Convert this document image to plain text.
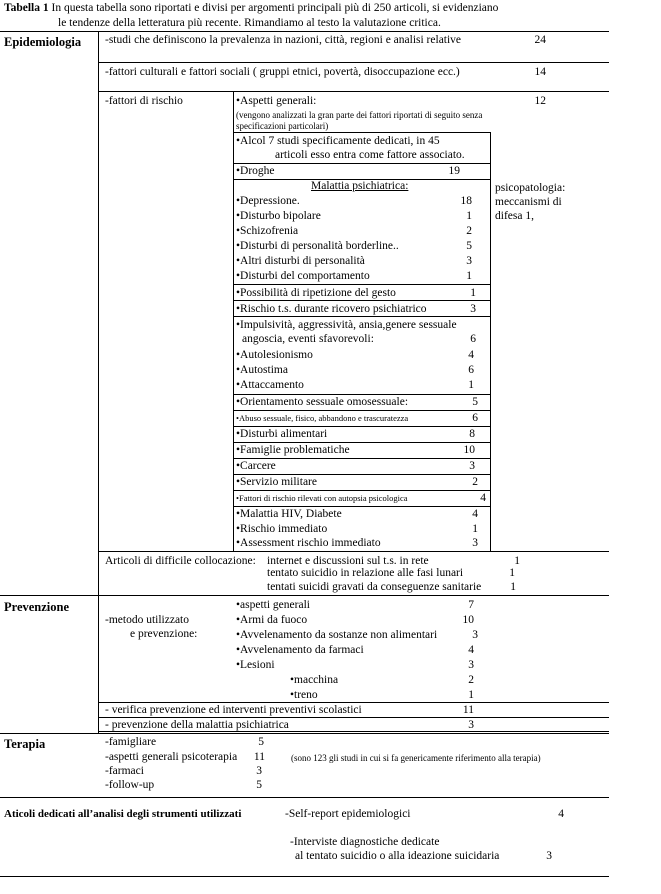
Tabella 1 In questa tabella sono riportati e divisi per argomenti principali più di 250 articoli, si evidenziano
le tendenze della letteratura più recente. Rimandiamo al testo la valutazione critica.
Epidemiologia -studi che definiscono la prevalenza in nazioni, città, regioni e analisi relative	24
-fattori culturali e fattori sociali ( gruppi etnici, povertà, disoccupazione ecc.)	14
-fattori di rischio	•Aspetti generali:	12
(vengono analizzati la gran parte dei fattori riportati di seguito senza
specificazioni particolari)
•Alcol 7 studi specificamente dedicati, in 45
articoli esso entra come fattore associato.
•Droghe	19
Malattia psichiatrica:	psicopatologia:
meccanismi di
difesa 1,
•Depressione.	18
•Disturbo bipolare	1
•Schizofrenia	2
•Disturbi di personalità borderline..	5
•Altri disturbi di personalità	3
•Disturbi del comportamento	1
•Possibilità di ripetizione del gesto	1
•Rischio t.s. durante ricovero psichiatrico	3
•Impulsività, aggressività, ansia,genere sessuale
angoscia, eventi sfavorevoli:	6
•Autolesionismo	4
•Autostima	6
•Attaccamento	1
•Orientamento sessuale omosessuale:	5
•Abuso sessuale, fisico, abbandono e trascuratezza	6
•Disturbi alimentari	8
•Famiglie problematiche	10
•Carcere	3
•Servizio militare	2
•Fattori di rischio rilevati con autopsia psicologica	4
•Malattia HIV, Diabete	4
•Rischio immediato	1
•Assessment rischio immediato	3
Articoli di difficile collocazione: internet e discussioni sul t.s. in rete	1
tentato suicidio in relazione alle fasi lunari	1
tentati suicidi gravati da conseguenze sanitarie	1
Prevenzione
-metodo utilizzato
e prevenzione:
•aspetti generali	7
•Armi da fuoco	10
•Avvelenamento da sostanze non alimentari	3
•Avvelenamento da farmaci	4
•Lesioni	3
•macchina	2
•treno	1
- verifica prevenzione ed interventi preventivi scolastici	11
- prevenzione della malattia psichiatrica	3
Terapia	-famigliare	5
-aspetti generali psicoterapia	11
-farmaci	3
-follow-up	5
(sono 123 gli studi in cui si fa genericamente riferimento alla terapia)
Aticoli dedicati all’analisi degli strumenti utilizzati	-Self-report epidemiologici	4
-Interviste diagnostiche dedicate
al tentato suicidio o alla ideazione suicidaria	3
